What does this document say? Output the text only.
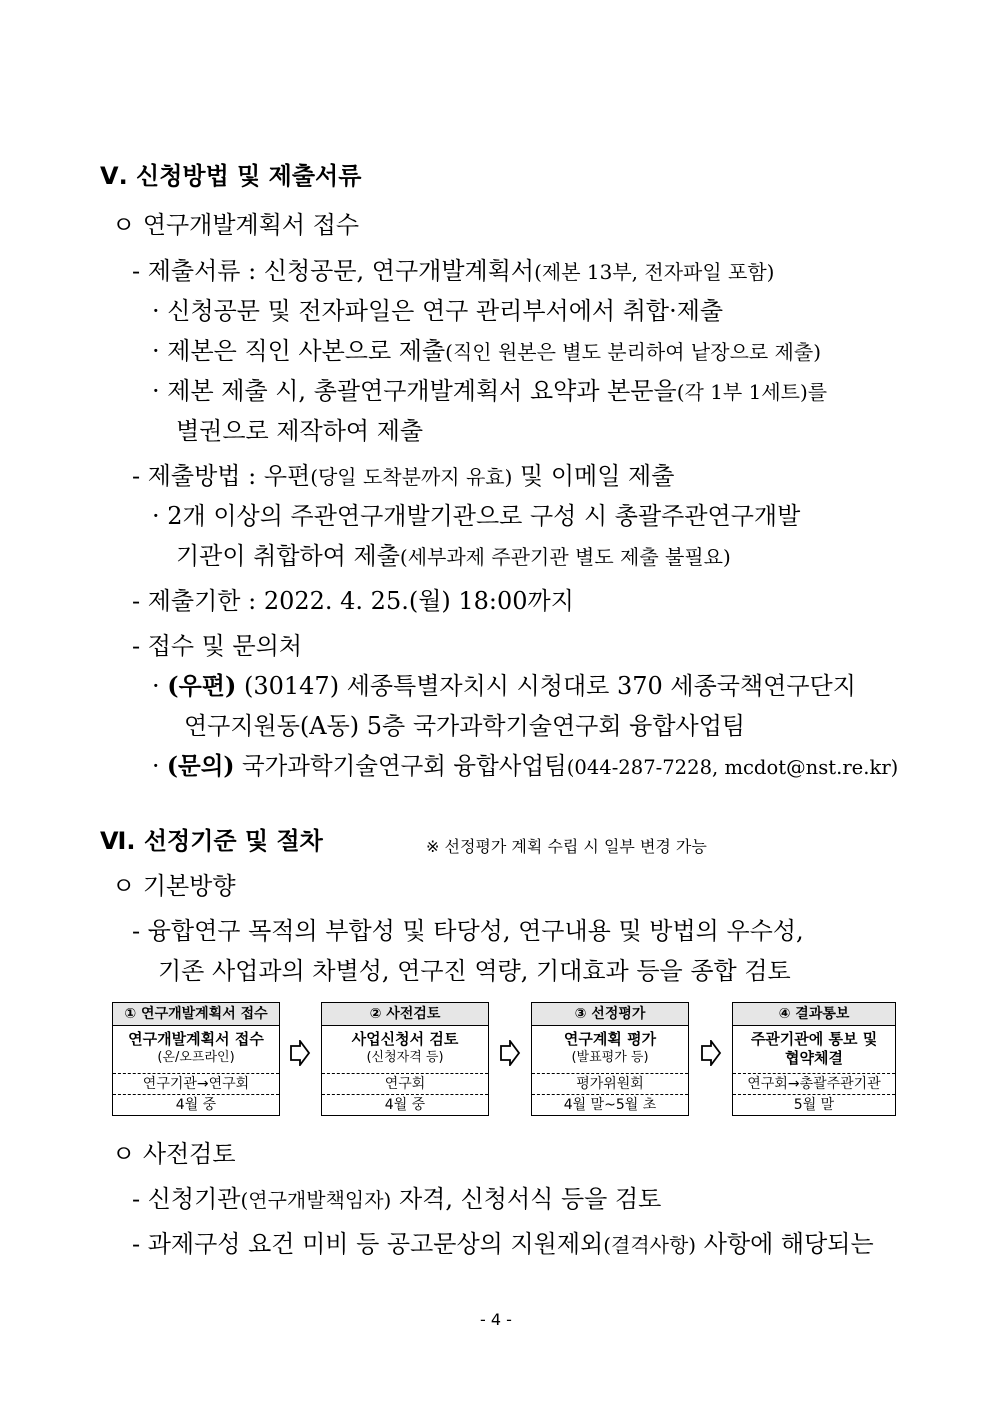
Ⅴ. 신청방법 및 제출서류
ㅇ 연구개발계획서 접수
- 제출서류 : 신청공문, 연구개발계획서(제본 13부, 전자파일 포함)
· 신청공문 및 전자파일은 연구 관리부서에서 취합·제출
· 제본은 직인 사본으로 제출(직인 원본은 별도 분리하여 낱장으로 제출)
· 제본 제출 시, 총괄연구개발계획서 요약과 본문을(각 1부 1세트)를
별권으로 제작하여 제출
- 제출방법 : 우편(당일 도착분까지 유효) 및 이메일 제출
· 2개 이상의 주관연구개발기관으로 구성 시 총괄주관연구개발
기관이 취합하여 제출(세부과제 주관기관 별도 제출 불필요)
- 제출기한 : 2022. 4. 25.(월) 18:00까지
- 접수 및 문의처
· (우편) (30147) 세종특별자치시 시청대로 370 세종국책연구단지
연구지원동(A동) 5층 국가과학기술연구회 융합사업팀
· (문의) 국가과학기술연구회 융합사업팀(044-287-7228, mcdot@nst.re.kr)
Ⅵ. 선정기준 및 절차	※ 선정평가 계획 수립 시 일부 변경 가능
ㅇ 기본방향
- 융합연구 목적의 부합성 및 타당성, 연구내용 및 방법의 우수성,
기존 사업과의 차별성, 연구진 역량, 기대효과 등을 종합 검토
① 연구개발계획서 접수
연구개발계획서 접수
(온/오프라인)
연구기관→연구회
4월 중
② 사전검토
사업신청서 검토
(신청자격 등)
연구회
4월 중
③ 선정평가
연구계획 평가
(발표평가 등)
평가위원회
4월 말~5월 초
④ 결과통보
주관기관에 통보 및
협약체결
연구회→총괄주관기관
5월 말
ㅇ 사전검토
- 신청기관(연구개발책임자) 자격, 신청서식 등을 검토
- 과제구성 요건 미비 등 공고문상의 지원제외(결격사항) 사항에 해당되는
- 4 -
